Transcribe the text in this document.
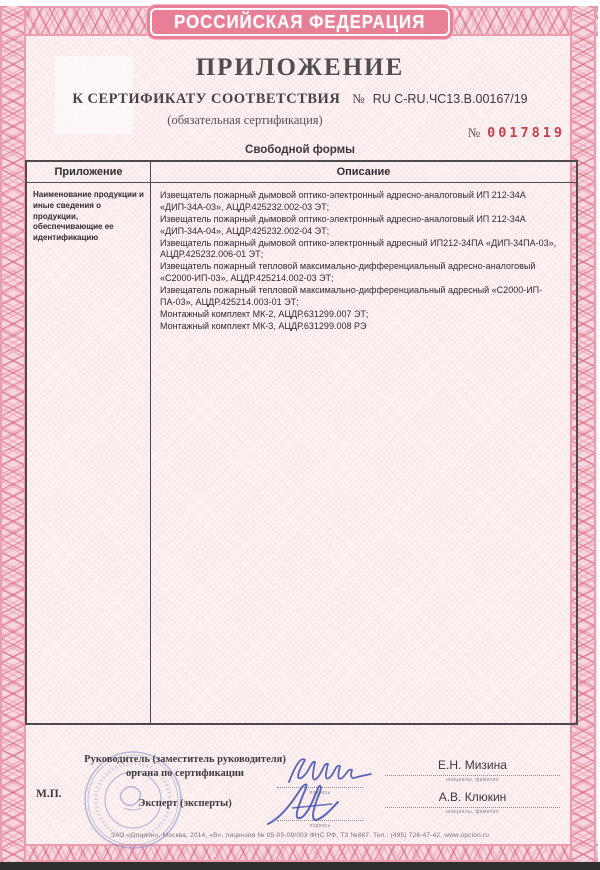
РОССИЙСКАЯ ФЕДЕРАЦИЯ
ПРИЛОЖЕНИЕ
К СЕРТИФИКАТУ СООТВЕТСТВИЯ № RU C-RU.ЧС13.В.00167/19
(обязательная сертификация)
№ 0017819
Свободной формы
Приложение	Описание
Наименование продукции и иные сведения о продукции, обеспечивающие ее идентификацию

Извещатель пожарный дымовой оптико-электронный адресно-аналоговый ИП 212-34А «ДИП-34А-03», АЦДР.425232.002-03 ЭТ;

Извещатель пожарный дымовой оптико-электронный адресно-аналоговый ИП 212-34А «ДИП-34А-04», АЦДР.425232.002-04 ЭТ;

Извещатель пожарный дымовой оптико-электронный адресный ИП212-34ПА «ДИП-34ПА-03», АЦДР.425232.006-01 ЭТ;

Извещатель пожарный тепловой максимально-дифференциальный адресно-аналоговый «С2000-ИП-03», АЦДР.425214.002-03 ЭТ;

Извещатель пожарный тепловой максимально-дифференциальный адресный «С2000-ИП-ПА-03», АЦДР.425214.003-01 ЭТ;

Монтажный комплект МК-2, АЦДР.631299.007 ЭТ;

Монтажный комплект МК-3, АЦДР.631299.008 РЭ

М.П.
Руководитель (заместитель руководителя)
органа по сертификации
Эксперт (эксперты)
подпись
подпись
Е.Н. Мизина
инициалы, фамилия
А.В. Клюкин
инициалы, фамилия
ЗАО «Опцион», Москва, 2014, «В», лицензия № 05-05-09/003 ФНС РФ, ТЗ №887. Тел.: (495) 726-47-42, www.opcion.ru
